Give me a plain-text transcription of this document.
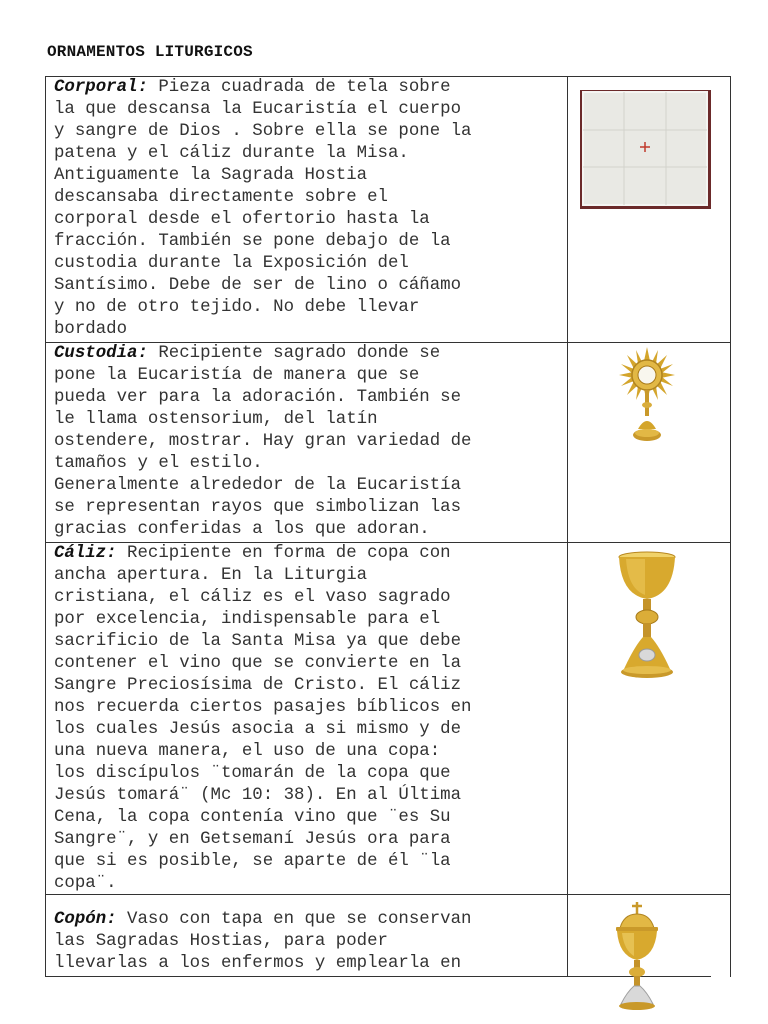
ORNAMENTOS LITURGICOS
Corporal: Pieza cuadrada de tela sobre
la que descansa la Eucaristía el cuerpo
y sangre de Dios . Sobre ella se pone la
patena y el cáliz durante la Misa.
Antiguamente la Sagrada Hostia
descansaba directamente sobre el
corporal desde el ofertorio hasta la
fracción. También se pone debajo de la
custodia durante la Exposición del
Santísimo. Debe de ser de lino o cáñamo
y no de otro tejido. No debe llevar
bordado
Custodia: Recipiente sagrado donde se
pone la Eucaristía de manera que se
pueda ver para la adoración. También se
le llama ostensorium, del latín
ostendere, mostrar. Hay gran variedad de
tamaños y el estilo.
Generalmente alrededor de la Eucaristía
se representan rayos que simbolizan las
gracias conferidas a los que adoran.
Cáliz: Recipiente en forma de copa con
ancha apertura. En la Liturgia
cristiana, el cáliz es el vaso sagrado
por excelencia, indispensable para el
sacrificio de la Santa Misa ya que debe
contener el vino que se convierte en la
Sangre Preciosísima de Cristo. El cáliz
nos recuerda ciertos pasajes bíblicos en
los cuales Jesús asocia a si mismo y de
una nueva manera, el uso de una copa:
los discípulos ¨tomarán de la copa que
Jesús tomará¨ (Mc 10: 38). En al Última
Cena, la copa contenía vino que ¨es Su
Sangre¨, y en Getsemaní Jesús ora para
que si es posible, se aparte de él ¨la
copa¨.
Copón: Vaso con tapa en que se conservan
las Sagradas Hostias, para poder
llevarlas a los enfermos y emplearla en
